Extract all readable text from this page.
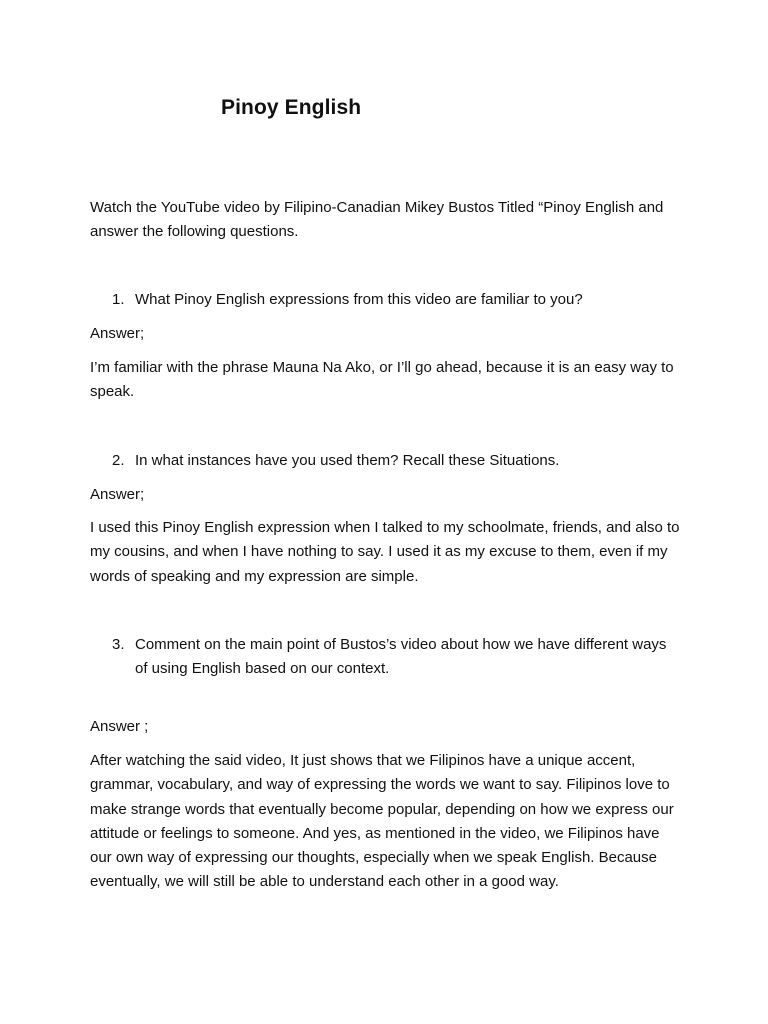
Pinoy English
Watch the YouTube video by Filipino-Canadian Mikey Bustos Titled “Pinoy English and answer the following questions.
1. What Pinoy English expressions from this video are familiar to you?
Answer;
I’m familiar with the phrase Mauna Na Ako, or I’ll go ahead, because it is an easy way to speak.
2. In what instances have you used them? Recall these Situations.
Answer;
I used this Pinoy English expression when I talked to my schoolmate, friends, and also to my cousins, and when I have nothing to say. I used it as my excuse to them, even if my words of speaking and my expression are simple.
3. Comment on the main point of Bustos’s video about how we have different ways of using English based on our context.
Answer ;
After watching the said video, It just shows that we Filipinos have a unique accent, grammar, vocabulary, and way of expressing the words we want to say. Filipinos love to make strange words that eventually become popular, depending on how we express our attitude or feelings to someone. And yes, as mentioned in the video, we Filipinos have our own way of expressing our thoughts, especially when we speak English. Because eventually, we will still be able to understand each other in a good way.
